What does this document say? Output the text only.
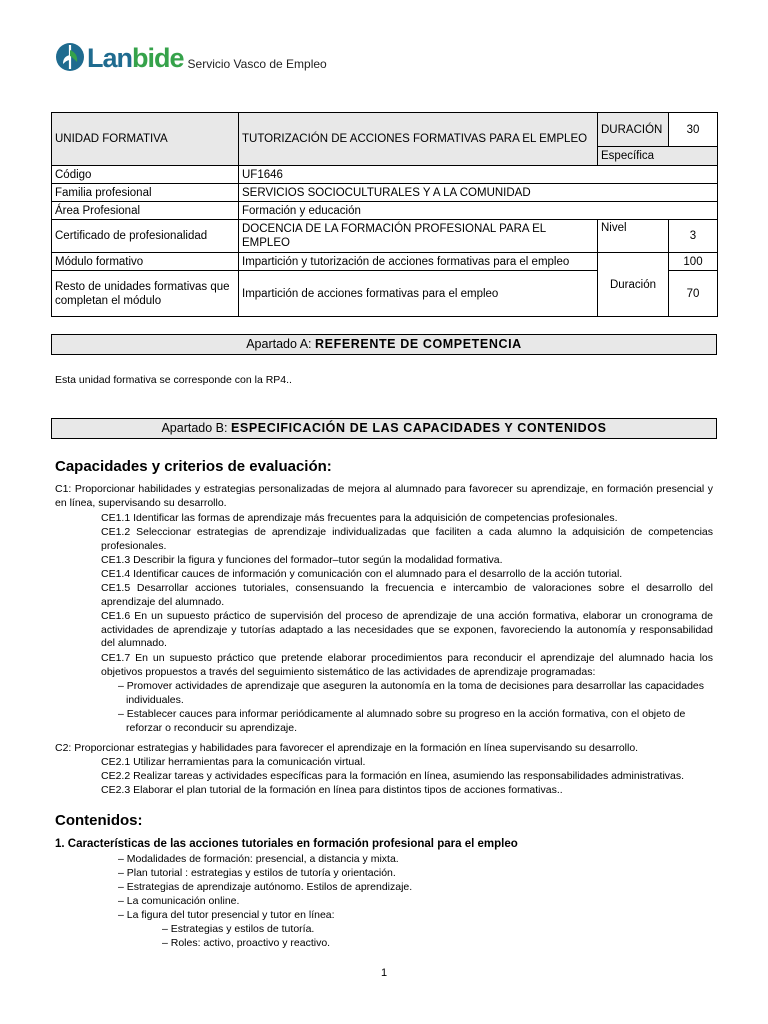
Lanbide Servicio Vasco de Empleo
UNIDAD FORMATIVA	TUTORIZACIÓN DE ACCIONES FORMATIVAS PARA EL EMPLEO	DURACIÓN	30
		Específica	
Código	UF1646		
Familia profesional	SERVICIOS SOCIOCULTURALES Y A LA COMUNIDAD		
Área Profesional	Formación y educación		
Certificado de profesionalidad	DOCENCIA DE LA FORMACIÓN PROFESIONAL PARA EL EMPLEO	Nivel	3
Módulo formativo	Impartición y tutorización de acciones formativas para el empleo	Duración	100
Resto de unidades formativas que completan el módulo	Impartición de acciones formativas para el empleo		70
Apartado A: REFERENTE DE COMPETENCIA
Esta unidad formativa se corresponde con la RP4..
Apartado B: ESPECIFICACIÓN DE LAS CAPACIDADES Y CONTENIDOS
Capacidades y criterios de evaluación:
C1: Proporcionar habilidades y estrategias personalizadas de mejora al alumnado para favorecer su aprendizaje, en formación presencial y en línea, supervisando su desarrollo.
CE1.1 Identificar las formas de aprendizaje más frecuentes para la adquisición de competencias profesionales.
CE1.2 Seleccionar estrategias de aprendizaje individualizadas que faciliten a cada alumno la adquisición de competencias profesionales.
CE1.3 Describir la figura y funciones del formador–tutor según la modalidad formativa.
CE1.4 Identificar cauces de información y comunicación con el alumnado para el desarrollo de la acción tutorial.
CE1.5 Desarrollar acciones tutoriales, consensuando la frecuencia e intercambio de valoraciones sobre el desarrollo del aprendizaje del alumnado.
CE1.6 En un supuesto práctico de supervisión del proceso de aprendizaje de una acción formativa, elaborar un cronograma de actividades de aprendizaje y tutorías adaptado a las necesidades que se exponen, favoreciendo la autonomía y responsabilidad del alumnado.
CE1.7 En un supuesto práctico que pretende elaborar procedimientos para reconducir el aprendizaje del alumnado hacia los objetivos propuestos a través del seguimiento sistemático de las actividades de aprendizaje programadas:
– Promover actividades de aprendizaje que aseguren la autonomía en la toma de decisiones para desarrollar las capacidades individuales.
– Establecer cauces para informar periódicamente al alumnado sobre su progreso en la acción formativa, con el objeto de reforzar o reconducir su aprendizaje.
C2: Proporcionar estrategias y habilidades para favorecer el aprendizaje en la formación en línea supervisando su desarrollo.
CE2.1 Utilizar herramientas para la comunicación virtual.
CE2.2 Realizar tareas y actividades específicas para la formación en línea, asumiendo las responsabilidades administrativas.
CE2.3 Elaborar el plan tutorial de la formación en línea para distintos tipos de acciones formativas..
Contenidos:
1. Características de las acciones tutoriales en formación profesional para el empleo
– Modalidades de formación: presencial, a distancia y mixta.
– Plan tutorial : estrategias y estilos de tutoría y orientación.
– Estrategias de aprendizaje autónomo. Estilos de aprendizaje.
– La comunicación online.
– La figura del tutor presencial y tutor en línea:
– Estrategias y estilos de tutoría.
– Roles: activo, proactivo y reactivo.
1
